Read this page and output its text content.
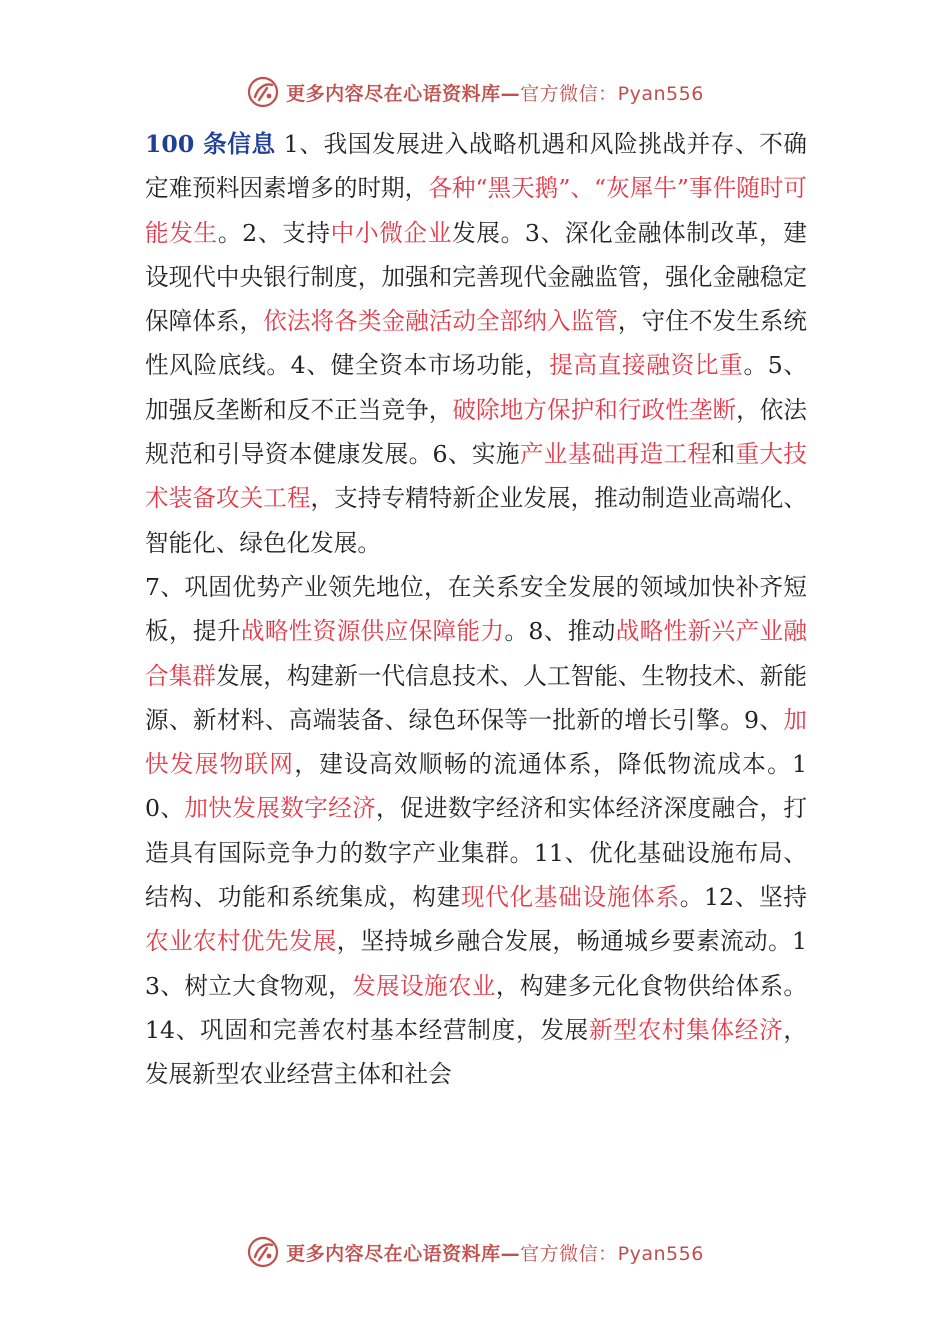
更多内容尽在心语资料库—官方微信：Pyan556

100 条信息 1、我国发展进入战略机遇和风险挑战并存、不确定难预料因素增多的时期，各种“黑天鹅”、“灰犀牛”事件随时可能发生。2、支持中小微企业发展。3、深化金融体制改革，建设现代中央银行制度，加强和完善现代金融监管，强化金融稳定保障体系，依法将各类金融活动全部纳入监管，守住不发生系统性风险底线。4、健全资本市场功能，提高直接融资比重。5、加强反垄断和反不正当竞争，破除地方保护和行政性垄断，依法规范和引导资本健康发展。6、实施产业基础再造工程和重大技术装备攻关工程，支持专精特新企业发展，推动制造业高端化、智能化、绿色化发展。

7、巩固优势产业领先地位，在关系安全发展的领域加快补齐短板，提升战略性资源供应保障能力。8、推动战略性新兴产业融合集群发展，构建新一代信息技术、人工智能、生物技术、新能源、新材料、高端装备、绿色环保等一批新的增长引擎。9、加快发展物联网，建设高效顺畅的流通体系，降低物流成本。10、加快发展数字经济，促进数字经济和实体经济深度融合，打造具有国际竞争力的数字产业集群。11、优化基础设施布局、结构、功能和系统集成，构建现代化基础设施体系。12、坚持农业农村优先发展，坚持城乡融合发展，畅通城乡要素流动。13、树立大食物观，发展设施农业，构建多元化食物供给体系。14、巩固和完善农村基本经营制度，发展新型农村集体经济，发展新型农业经营主体和社会

更多内容尽在心语资料库—官方微信：Pyan556
